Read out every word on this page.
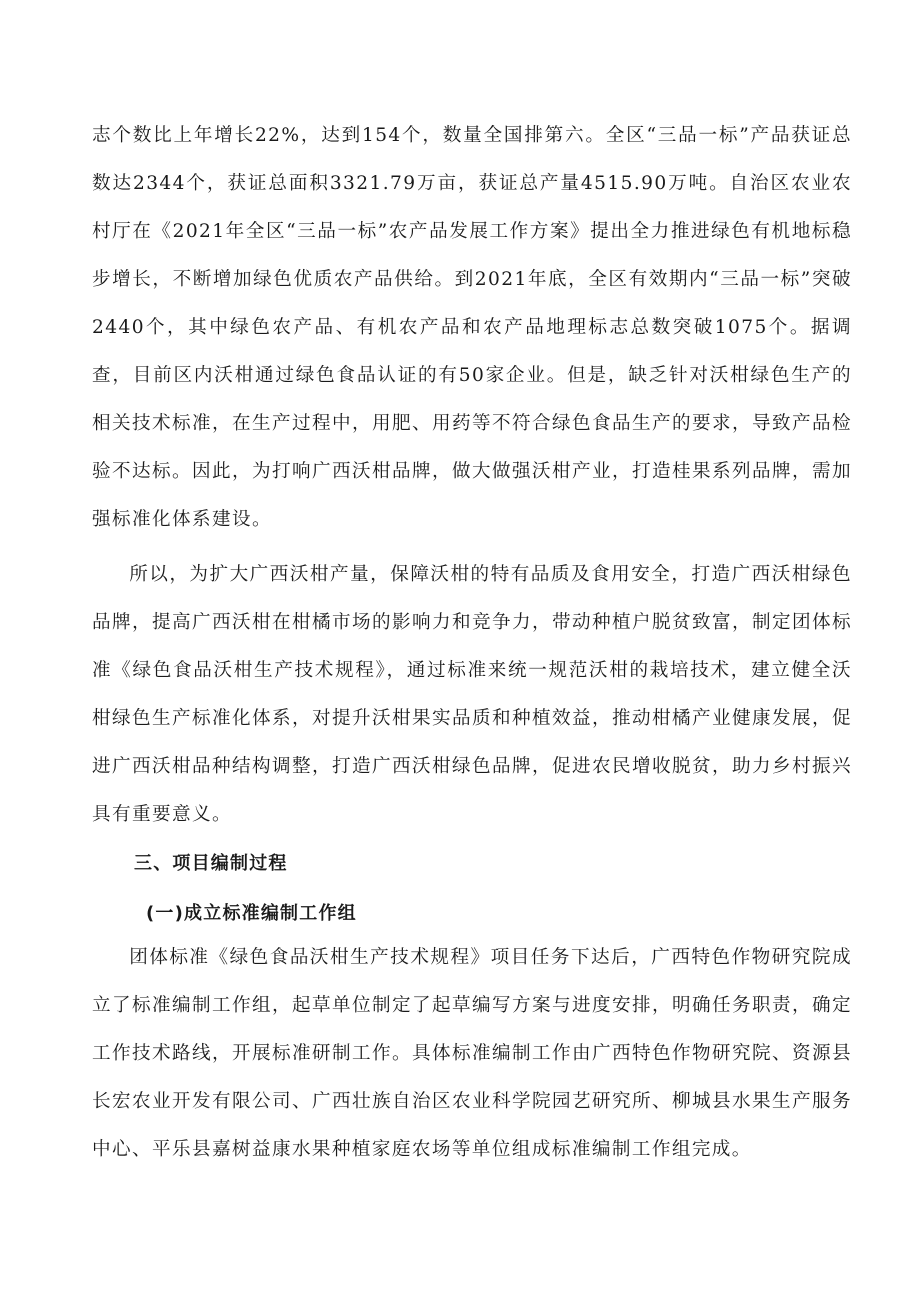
志个数比上年增长22%，达到154个，数量全国排第六。全区“三品一标”产品获证总数达2344个，获证总面积3321.79万亩，获证总产量4515.90万吨。自治区农业农村厅在《2021年全区“三品一标”农产品发展工作方案》提出全力推进绿色有机地标稳步增长，不断增加绿色优质农产品供给。到2021年底，全区有效期内“三品一标”突破2440个，其中绿色农产品、有机农产品和农产品地理标志总数突破1075个。据调查，目前区内沃柑通过绿色食品认证的有50家企业。但是，缺乏针对沃柑绿色生产的相关技术标准，在生产过程中，用肥、用药等不符合绿色食品生产的要求，导致产品检验不达标。因此，为打响广西沃柑品牌，做大做强沃柑产业，打造桂果系列品牌，需加强标准化体系建设。

所以，为扩大广西沃柑产量，保障沃柑的特有品质及食用安全，打造广西沃柑绿色品牌，提高广西沃柑在柑橘市场的影响力和竞争力，带动种植户脱贫致富，制定团体标准《绿色食品沃柑生产技术规程》，通过标准来统一规范沃柑的栽培技术，建立健全沃柑绿色生产标准化体系，对提升沃柑果实品质和种植效益，推动柑橘产业健康发展，促进广西沃柑品种结构调整，打造广西沃柑绿色品牌，促进农民增收脱贫，助力乡村振兴具有重要意义。

三、项目编制过程
(一)成立标准编制工作组

团体标准《绿色食品沃柑生产技术规程》项目任务下达后，广西特色作物研究院成立了标准编制工作组，起草单位制定了起草编写方案与进度安排，明确任务职责，确定工作技术路线，开展标准研制工作。具体标准编制工作由广西特色作物研究院、资源县长宏农业开发有限公司、广西壮族自治区农业科学院园艺研究所、柳城县水果生产服务中心、平乐县嘉树益康水果种植家庭农场等单位组成标准编制工作组完成。
